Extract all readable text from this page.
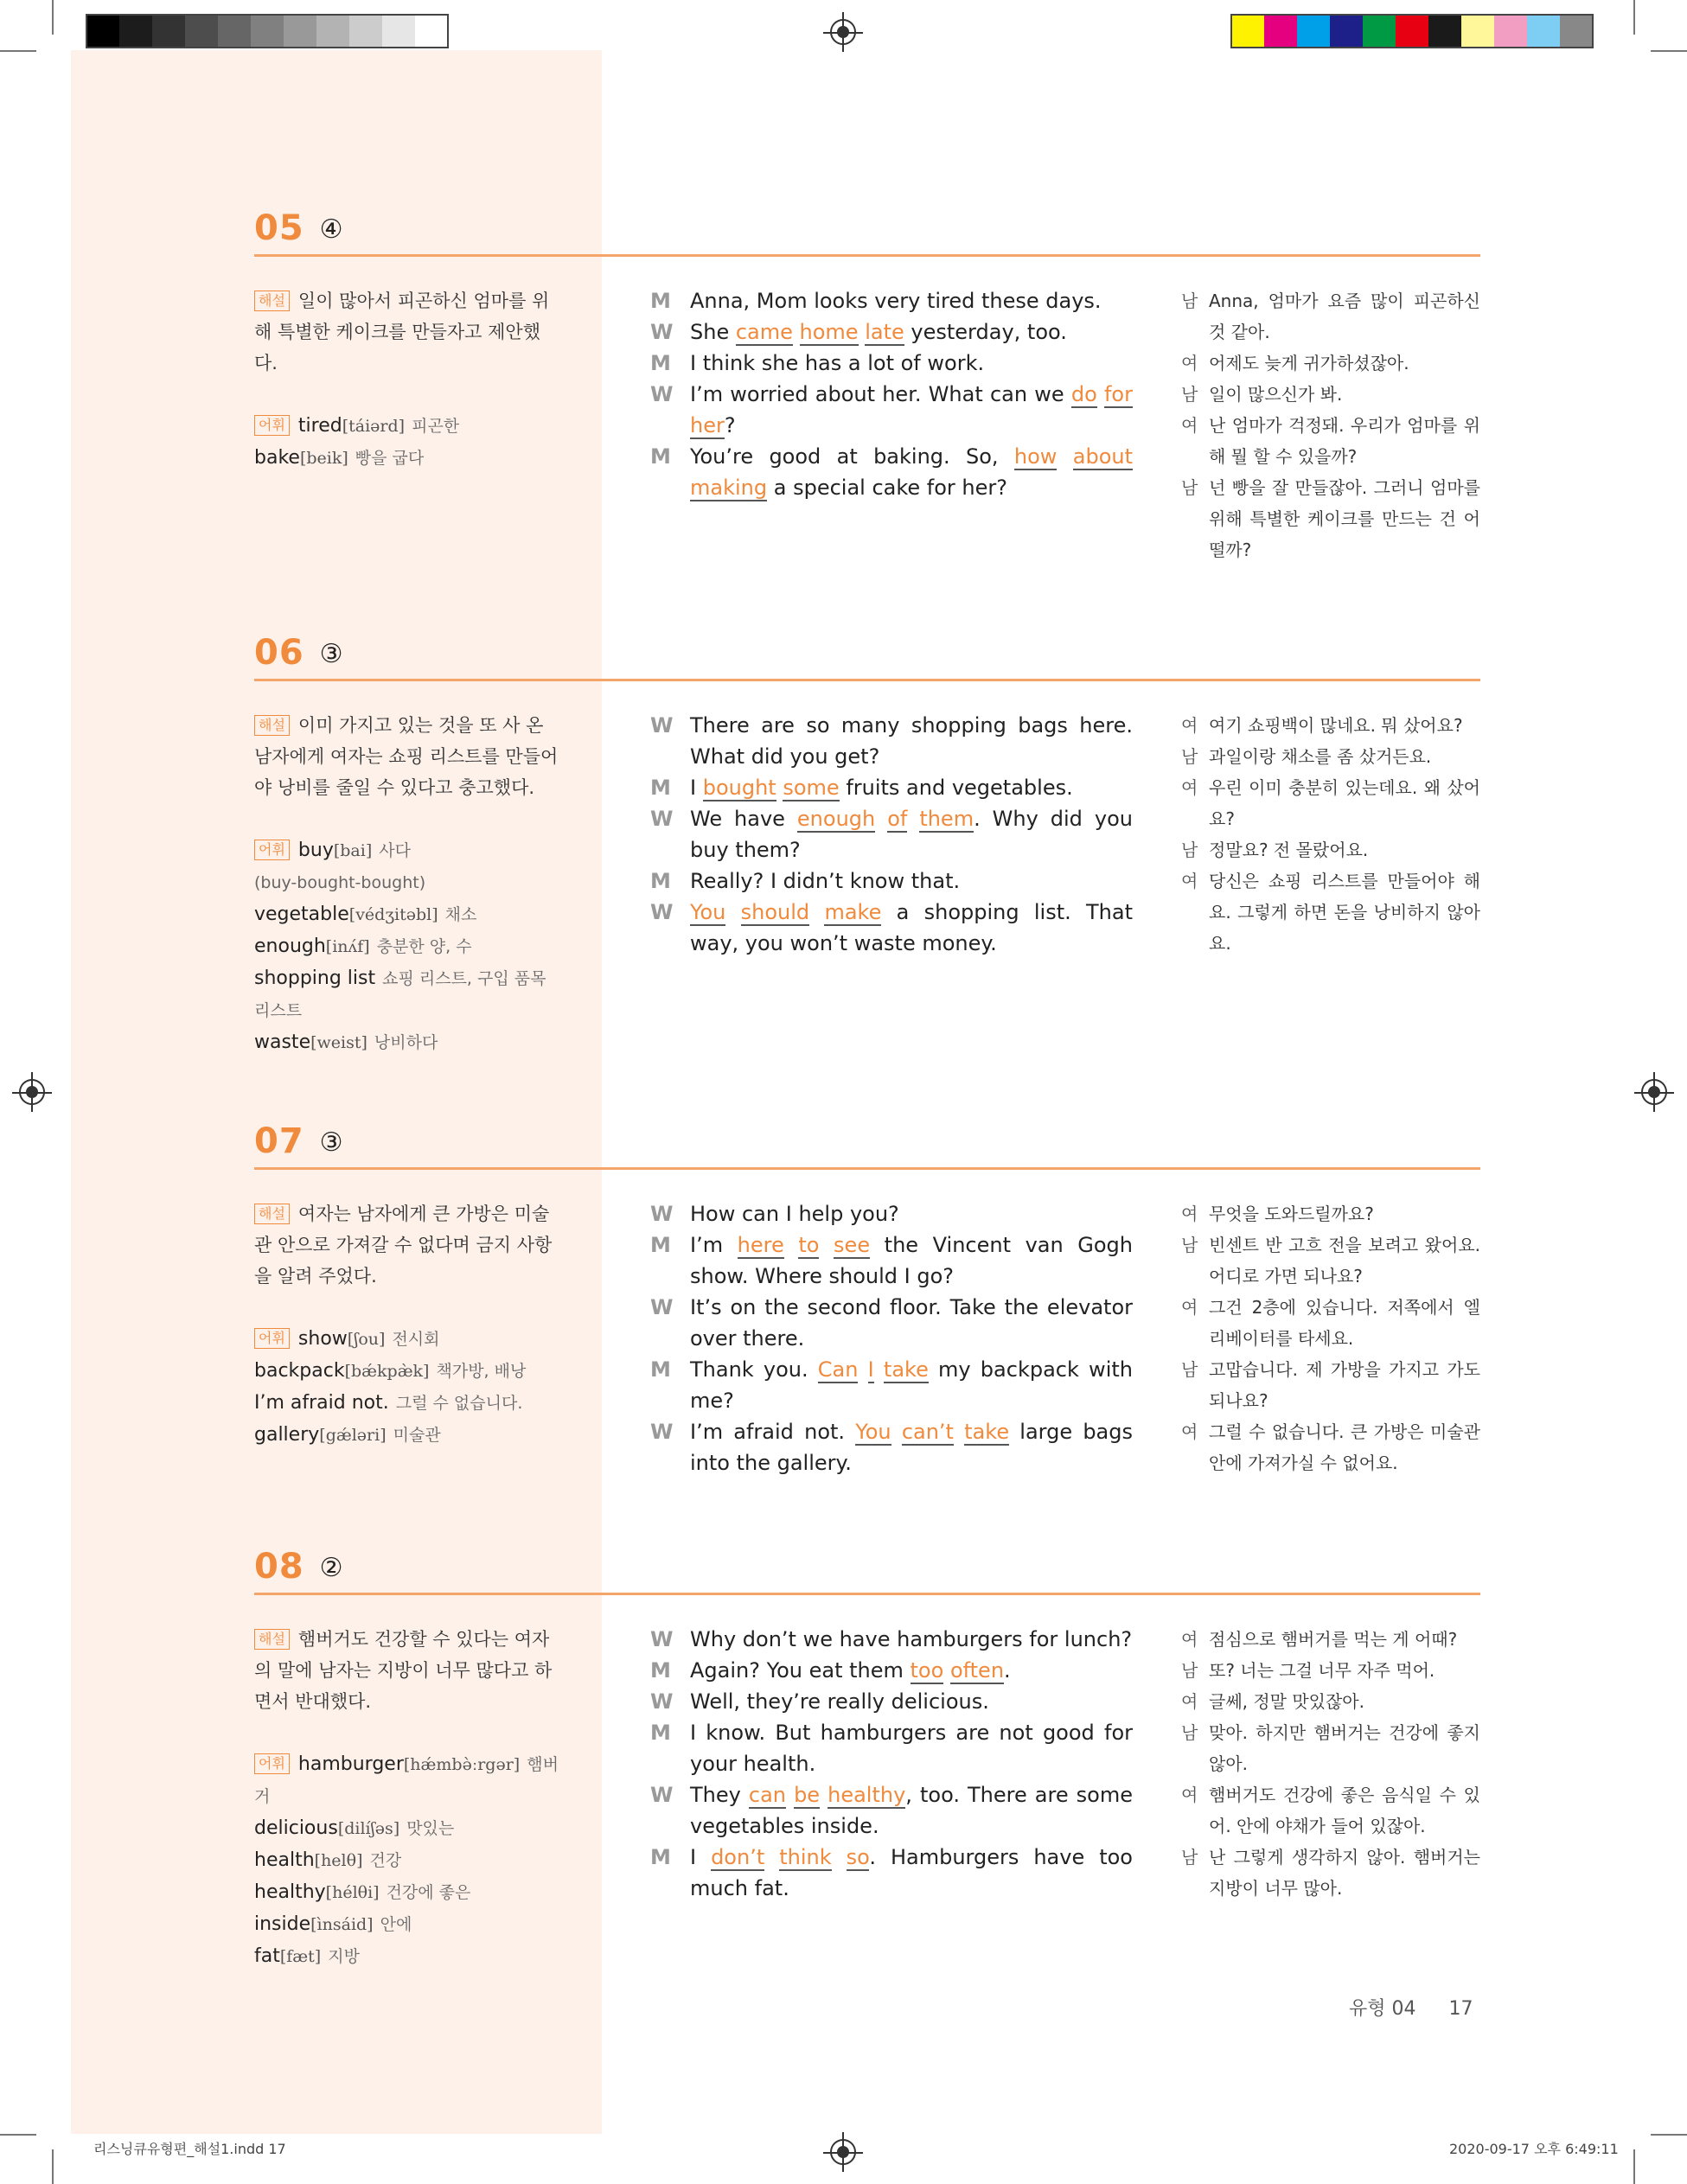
05 ④
해설 일이 많아서 피곤하신 엄마를 위해 특별한 케이크를 만들자고 제안했다.
어휘 tired[táiərd] 피곤한
bake[beik] 빵을 굽다
M Anna, Mom looks very tired these days.
W She came home late yesterday, too.
M I think she has a lot of work.
W I’m worried about her. What can we do for her?
M You’re good at baking. So, how about making a special cake for her?
남 Anna, 엄마가 요즘 많이 피곤하신 것 같아.
여 어제도 늦게 귀가하셨잖아.
남 일이 많으신가 봐.
여 난 엄마가 걱정돼. 우리가 엄마를 위해 뭘 할 수 있을까?
남 넌 빵을 잘 만들잖아. 그러니 엄마를 위해 특별한 케이크를 만드는 건 어떨까?
06 ③
해설 이미 가지고 있는 것을 또 사 온 남자에게 여자는 쇼핑 리스트를 만들어야 낭비를 줄일 수 있다고 충고했다.
어휘 buy[bai] 사다
(buy-bought-bought)
vegetable[védʒitəbl] 채소
enough[inʌ́f] 충분한 양, 수
shopping list 쇼핑 리스트, 구입 품목 리스트
waste[weist] 낭비하다
W There are so many shopping bags here. What did you get?
M I bought some fruits and vegetables.
W We have enough of them. Why did you buy them?
M Really? I didn’t know that.
W You should make a shopping list. That way, you won’t waste money.
여 여기 쇼핑백이 많네요. 뭐 샀어요?
남 과일이랑 채소를 좀 샀거든요.
여 우린 이미 충분히 있는데요. 왜 샀어요?
남 정말요? 전 몰랐어요.
여 당신은 쇼핑 리스트를 만들어야 해요. 그렇게 하면 돈을 낭비하지 않아요.
07 ③
해설 여자는 남자에게 큰 가방은 미술관 안으로 가져갈 수 없다며 금지 사항을 알려 주었다.
어휘 show[ʃou] 전시회
backpack[bǽkpæ̀k] 책가방, 배낭
I’m afraid not. 그럴 수 없습니다.
gallery[gǽləri] 미술관
W How can I help you?
M I’m here to see the Vincent van Gogh show. Where should I go?
W It’s on the second floor. Take the elevator over there.
M Thank you. Can I take my backpack with me?
W I’m afraid not. You can’t take large bags into the gallery.
여 무엇을 도와드릴까요?
남 빈센트 반 고흐 전을 보려고 왔어요. 어디로 가면 되나요?
여 그건 2층에 있습니다. 저쪽에서 엘리베이터를 타세요.
남 고맙습니다. 제 가방을 가지고 가도 되나요?
여 그럴 수 없습니다. 큰 가방은 미술관 안에 가져가실 수 없어요.
08 ②
해설 햄버거도 건강할 수 있다는 여자의 말에 남자는 지방이 너무 많다고 하면서 반대했다.
어휘 hamburger[hǽmbə̀ːrgər] 햄버거
delicious[dilíʃəs] 맛있는
health[helθ] 건강
healthy[hélθi] 건강에 좋은
inside[ìnsáid] 안에
fat[fæt] 지방
W Why don’t we have hamburgers for lunch?
M Again? You eat them too often.
W Well, they’re really delicious.
M I know. But hamburgers are not good for your health.
W They can be healthy, too. There are some vegetables inside.
M I don’t think so. Hamburgers have too much fat.
여 점심으로 햄버거를 먹는 게 어때?
남 또? 너는 그걸 너무 자주 먹어.
여 글쎄, 정말 맛있잖아.
남 맞아. 하지만 햄버거는 건강에 좋지 않아.
여 햄버거도 건강에 좋은 음식일 수 있어. 안에 야채가 들어 있잖아.
남 난 그렇게 생각하지 않아. 햄버거는 지방이 너무 많아.
유형 04 17
리스닝큐유형편_해설1.indd 17	2020-09-17 오후 6:49:11
